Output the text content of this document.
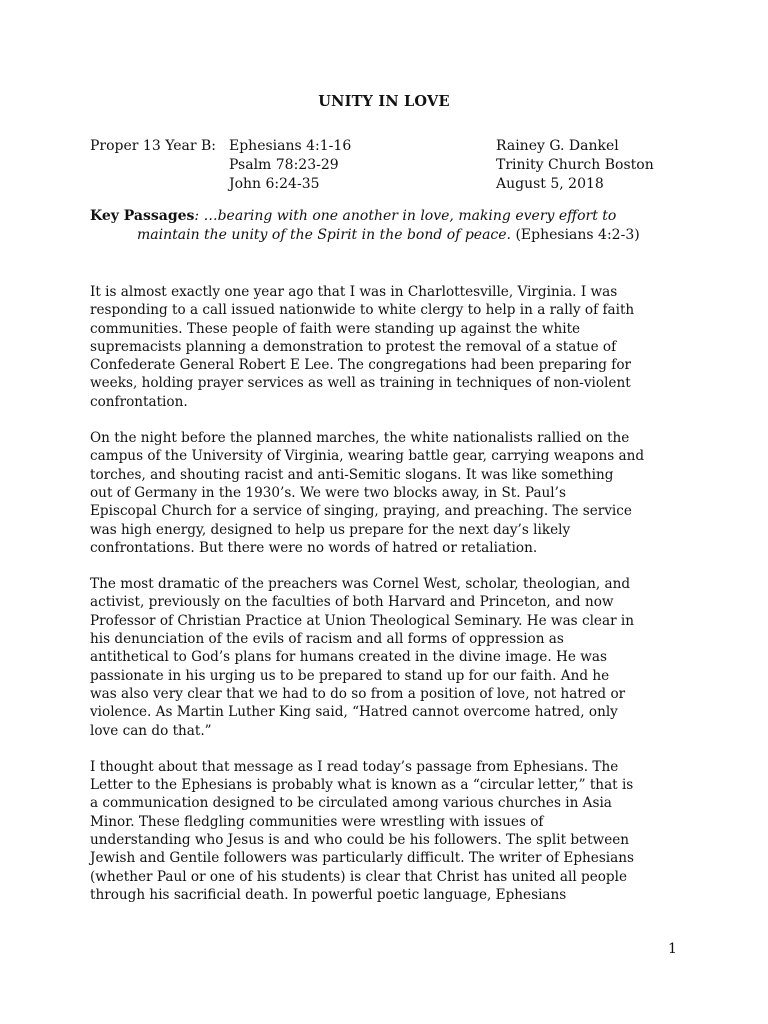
UNITY IN LOVE
Proper 13 Year B: Ephesians 4:1-16	Rainey G. Dankel
Psalm 78:23-29	Trinity Church Boston
John 6:24-35	August 5, 2018
Key Passages: …bearing with one another in love, making every effort to
maintain the unity of the Spirit in the bond of peace. (Ephesians 4:2-3)

It is almost exactly one year ago that I was in Charlottesville, Virginia. I was
responding to a call issued nationwide to white clergy to help in a rally of faith
communities. These people of faith were standing up against the white
supremacists planning a demonstration to protest the removal of a statue of
Confederate General Robert E Lee. The congregations had been preparing for
weeks, holding prayer services as well as training in techniques of non-violent
confrontation.

On the night before the planned marches, the white nationalists rallied on the
campus of the University of Virginia, wearing battle gear, carrying weapons and
torches, and shouting racist and anti-Semitic slogans. It was like something
out of Germany in the 1930’s. We were two blocks away, in St. Paul’s
Episcopal Church for a service of singing, praying, and preaching. The service
was high energy, designed to help us prepare for the next day’s likely
confrontations. But there were no words of hatred or retaliation.

The most dramatic of the preachers was Cornel West, scholar, theologian, and
activist, previously on the faculties of both Harvard and Princeton, and now
Professor of Christian Practice at Union Theological Seminary. He was clear in
his denunciation of the evils of racism and all forms of oppression as
antithetical to God’s plans for humans created in the divine image. He was
passionate in his urging us to be prepared to stand up for our faith. And he
was also very clear that we had to do so from a position of love, not hatred or
violence. As Martin Luther King said, “Hatred cannot overcome hatred, only
love can do that.”

I thought about that message as I read today’s passage from Ephesians. The
Letter to the Ephesians is probably what is known as a “circular letter,” that is
a communication designed to be circulated among various churches in Asia
Minor. These fledgling communities were wrestling with issues of
understanding who Jesus is and who could be his followers. The split between
Jewish and Gentile followers was particularly difficult. The writer of Ephesians
(whether Paul or one of his students) is clear that Christ has united all people
through his sacrificial death. In powerful poetic language, Ephesians

1
